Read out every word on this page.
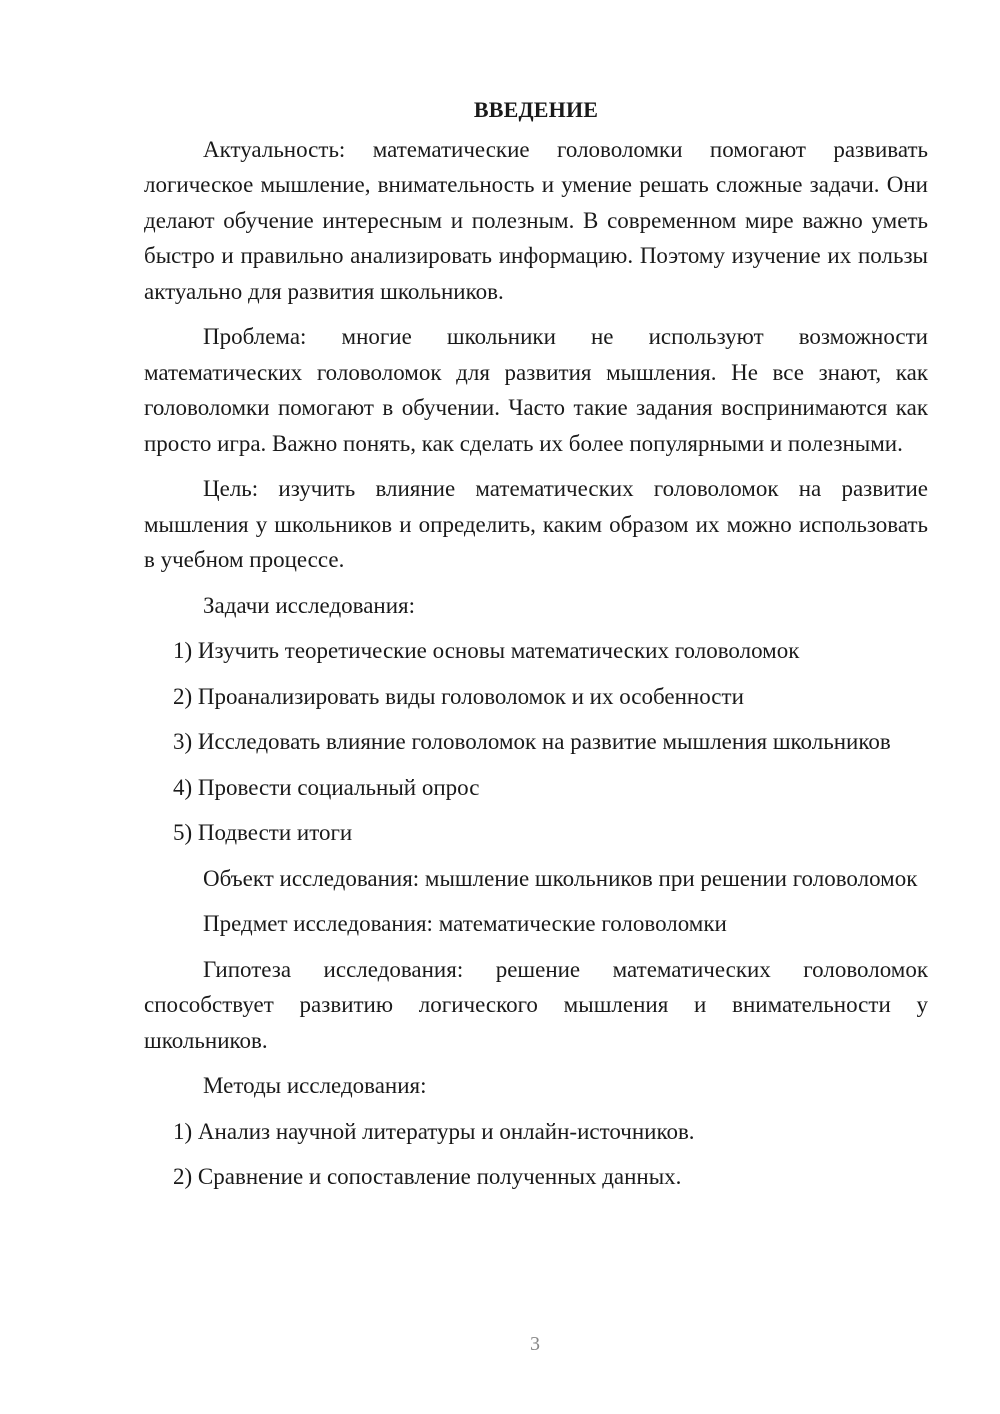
ВВЕДЕНИЕ

Актуальность: математические головоломки помогают развивать логическое мышление, внимательность и умение решать сложные задачи. Они делают обучение интересным и полезным. В современном мире важно уметь быстро и правильно анализировать информацию. Поэтому изучение их пользы актуально для развития школьников.

Проблема: многие школьники не используют возможности математических головоломок для развития мышления. Не все знают, как головоломки помогают в обучении. Часто такие задания воспринимаются как просто игра. Важно понять, как сделать их более популярными и полезными.

Цель: изучить влияние математических головоломок на развитие мышления у школьников и определить, каким образом их можно использовать в учебном процессе.

Задачи исследования:

1) Изучить теоретические основы математических головоломок

2) Проанализировать виды головоломок и их особенности

3) Исследовать влияние головоломок на развитие мышления школьников

4) Провести социальный опрос

5) Подвести итоги

Объект исследования: мышление школьников при решении головоломок

Предмет исследования: математические головоломки

Гипотеза исследования: решение математических головоломок способствует развитию логического мышления и внимательности у школьников.

Методы исследования:

1) Анализ научной литературы и онлайн-источников.

2) Сравнение и сопоставление полученных данных.

3
